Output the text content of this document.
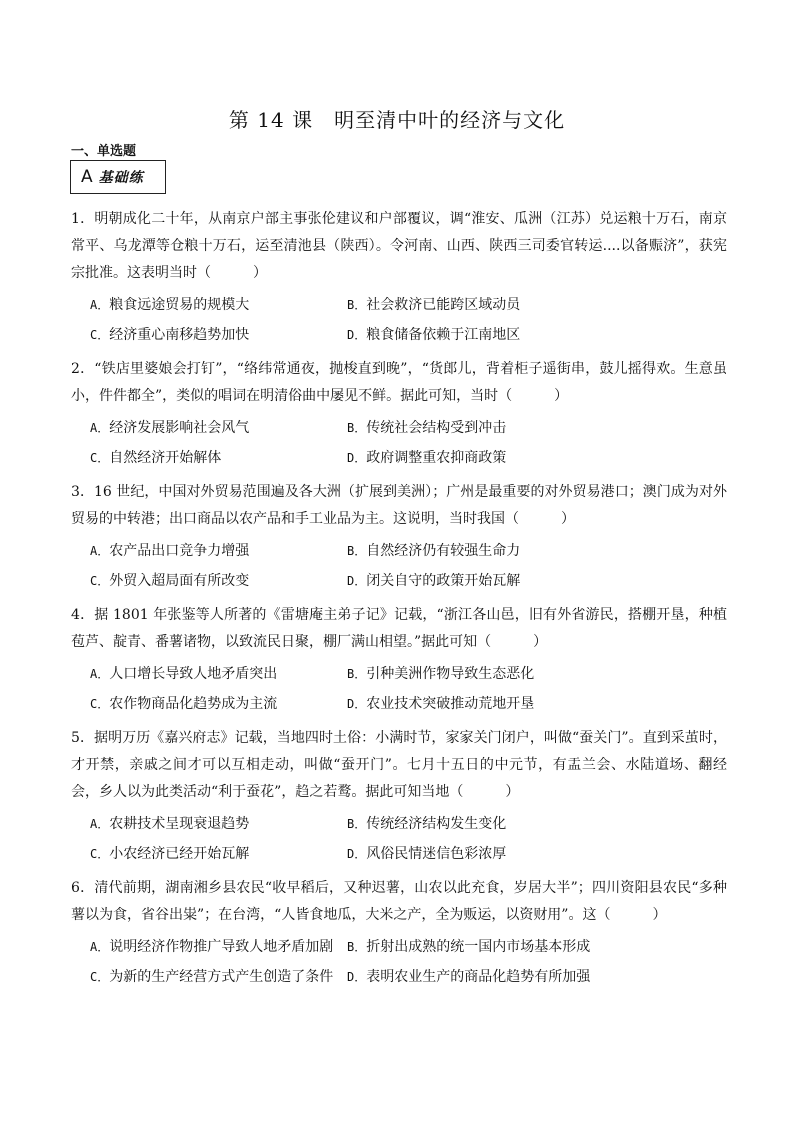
第 14 课　明至清中叶的经济与文化
一、单选题
A 基础练

1．明朝成化二十年，从南京户部主事张伦建议和户部覆议，调“淮安、瓜洲（江苏）兑运粮十万石，南京常平、乌龙潭等仓粮十万石，运至清池县（陕西）。令河南、山西、陕西三司委官转运....以备赈济”，获宪宗批准。这表明当时（　　　）

A．粮食远途贸易的规模大	B．社会救济已能跨区域动员
C．经济重心南移趋势加快	D．粮食储备依赖于江南地区

2．“铁店里婆娘会打钉”，“络纬常通夜，抛梭直到晚”，“货郎儿，背着柜子遥街串，鼓儿摇得欢。生意虽小，件件都全”，类似的唱词在明清俗曲中屡见不鲜。据此可知，当时（　　　）

A．经济发展影响社会风气	B．传统社会结构受到冲击
C．自然经济开始解体	D．政府调整重农抑商政策

3．16 世纪，中国对外贸易范围遍及各大洲（扩展到美洲）；广州是最重要的对外贸易港口；澳门成为对外贸易的中转港；出口商品以农产品和手工业品为主。这说明，当时我国（　　　）

A．农产品出口竞争力增强	B．自然经济仍有较强生命力
C．外贸入超局面有所改变	D．闭关自守的政策开始瓦解

4．据 1801 年张鉴等人所著的《雷塘庵主弟子记》记载，“浙江各山邑，旧有外省游民，搭棚开垦，种植苞芦、靛青、番薯诸物，以致流民日聚，棚厂满山相望。”据此可知（　　　）

A．人口增长导致人地矛盾突出	B．引种美洲作物导致生态恶化
C．农作物商品化趋势成为主流	D．农业技术突破推动荒地开垦

5．据明万历《嘉兴府志》记载，当地四时土俗：小满时节，家家关门闭户，叫做“蚕关门”。直到采茧时，才开禁，亲戚之间才可以互相走动，叫做“蚕开门”。七月十五日的中元节，有盂兰会、水陆道场、翻经会，乡人以为此类活动“利于蚕花”，趋之若鹜。据此可知当地（　　　）

A．农耕技术呈现衰退趋势	B．传统经济结构发生变化
C．小农经济已经开始瓦解	D．风俗民情迷信色彩浓厚

6．清代前期，湖南湘乡县农民“收早稻后，又种迟薯，山农以此充食，岁居大半”；四川资阳县农民“多种薯以为食，省谷出粜”；在台湾，“人皆食地瓜，大米之产，全为贩运，以资财用”。这（　　　）

A．说明经济作物推广导致人地矛盾加剧	B．折射出成熟的统一国内市场基本形成
C．为新的生产经营方式产生创造了条件	D．表明农业生产的商品化趋势有所加强
